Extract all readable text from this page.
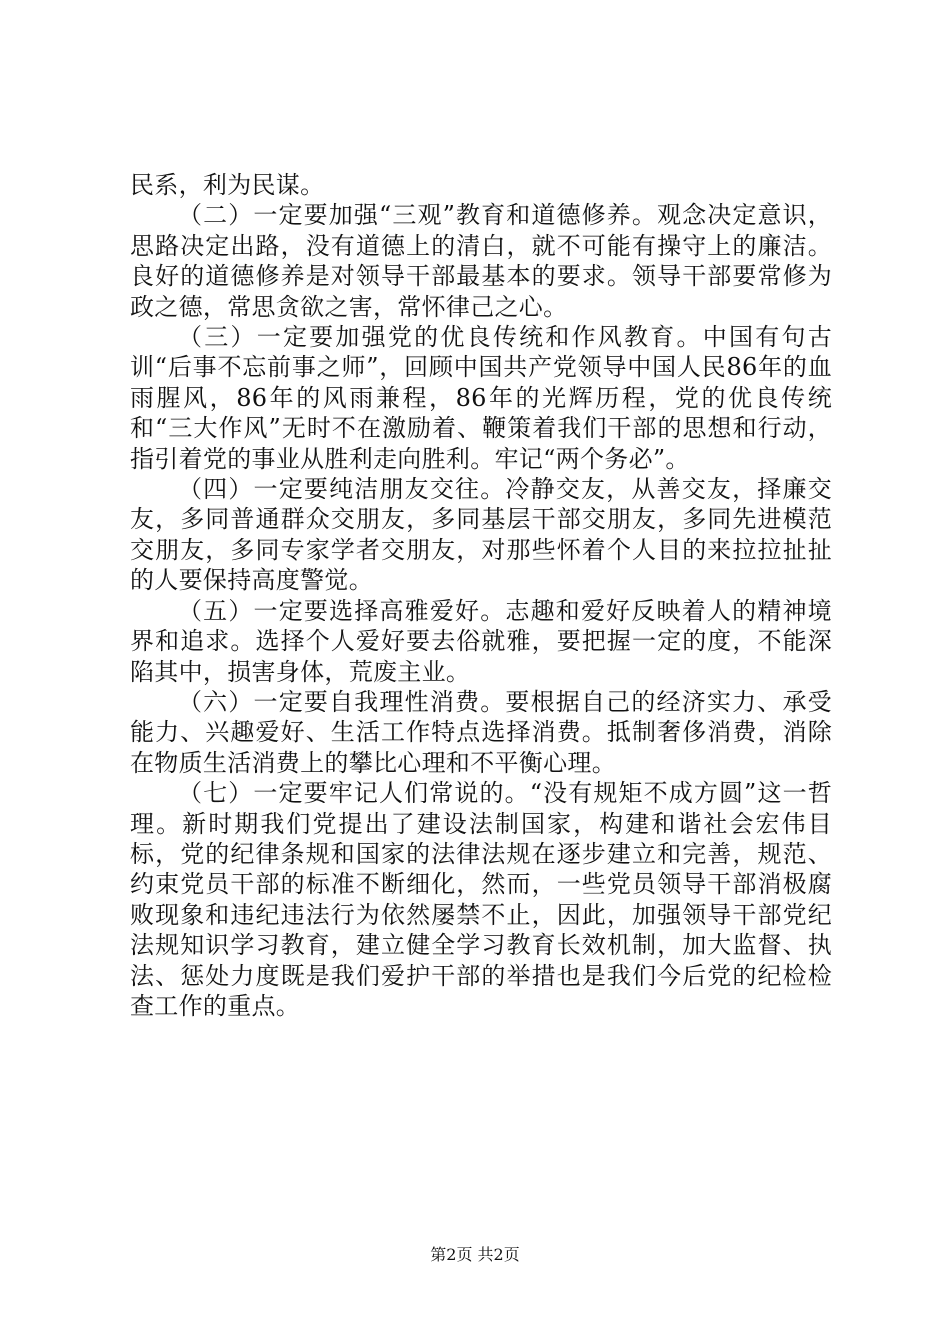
民系，利为民谋。

（二）一定要加强“三观”教育和道德修养。观念决定意识，思路决定出路，没有道德上的清白，就不可能有操守上的廉洁。良好的道德修养是对领导干部最基本的要求。领导干部要常修为政之德，常思贪欲之害，常怀律己之心。

（三）一定要加强党的优良传统和作风教育。中国有句古训“后事不忘前事之师”，回顾中国共产党领导中国人民86年的血雨腥风，86年的风雨兼程，86年的光辉历程，党的优良传统和“三大作风”无时不在激励着、鞭策着我们干部的思想和行动，指引着党的事业从胜利走向胜利。牢记“两个务必”。

（四）一定要纯洁朋友交往。冷静交友，从善交友，择廉交友，多同普通群众交朋友，多同基层干部交朋友，多同先进模范交朋友，多同专家学者交朋友，对那些怀着个人目的来拉拉扯扯的人要保持高度警觉。

（五）一定要选择高雅爱好。志趣和爱好反映着人的精神境界和追求。选择个人爱好要去俗就雅，要把握一定的度，不能深陷其中，损害身体，荒废主业。

（六）一定要自我理性消费。要根据自己的经济实力、承受能力、兴趣爱好、生活工作特点选择消费。抵制奢侈消费，消除在物质生活消费上的攀比心理和不平衡心理。

（七）一定要牢记人们常说的。“没有规矩不成方圆”这一哲理。新时期我们党提出了建设法制国家，构建和谐社会宏伟目标，党的纪律条规和国家的法律法规在逐步建立和完善，规范、约束党员干部的标准不断细化，然而，一些党员领导干部消极腐败现象和违纪违法行为依然屡禁不止，因此，加强领导干部党纪法规知识学习教育，建立健全学习教育长效机制，加大监督、执法、惩处力度既是我们爱护干部的举措也是我们今后党的纪检检查工作的重点。

第2页 共2页
